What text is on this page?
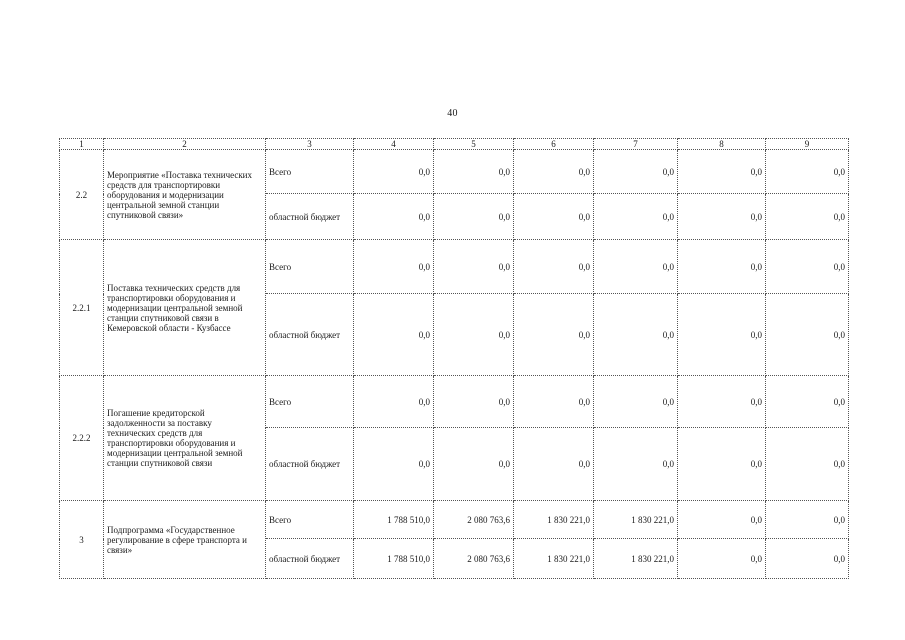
40
1	2	3	4	5	6	7	8	9
2.2	Мероприятие «Поставка технических средств для транспортировки оборудования и модернизации центральной земной станции спутниковой связи»	Всего	0,0	0,0	0,0	0,0	0,0	0,0
		областной бюджет	0,0	0,0	0,0	0,0	0,0	0,0
2.2.1	Поставка технических средств для транспортировки оборудования и модернизации центральной земной станции спутниковой связи в Кемеровской области - Кузбассе	Всего	0,0	0,0	0,0	0,0	0,0	0,0
		областной бюджет	0,0	0,0	0,0	0,0	0,0	0,0
2.2.2	Погашение кредиторской задолженности за поставку технических средств для транспортировки оборудования и модернизации центральной земной станции спутниковой связи	Всего	0,0	0,0	0,0	0,0	0,0	0,0
		областной бюджет	0,0	0,0	0,0	0,0	0,0	0,0
3	Подпрограмма «Государственное регулирование в сфере транспорта и связи»	Всего	1 788 510,0	2 080 763,6	1 830 221,0	1 830 221,0	0,0	0,0
		областной бюджет	1 788 510,0	2 080 763,6	1 830 221,0	1 830 221,0	0,0	0,0
